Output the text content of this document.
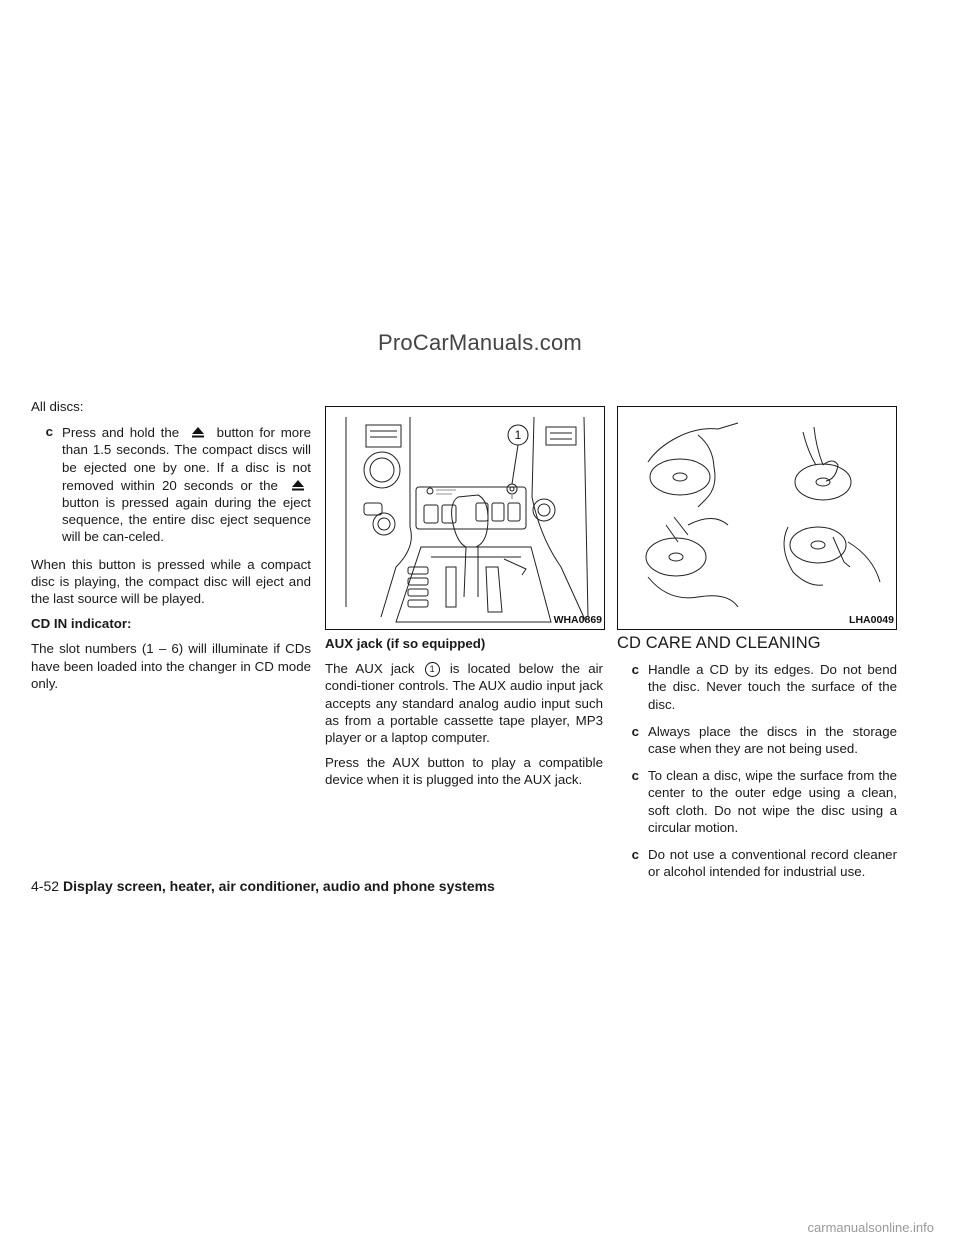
ProCarManuals.com

All discs:

c Press and hold the	button for more than 1.5 seconds. The compact discs will be ejected one by one. If a disc is not removed within 20 seconds or the  button is pressed again during the eject sequence, the entire disc eject sequence will be can-celed.

When this button is pressed while a compact disc is playing, the compact disc will eject and the last source will be played.

CD IN indicator:

The slot numbers (1 – 6) will illuminate if CDs have been loaded into the changer in CD mode only.

1
WHA0869
AUX jack (if so equipped)

The AUX jack 1 is located below the air condi-tioner controls. The AUX audio input jack accepts any standard analog audio input such as from a portable cassette tape player, MP3 player or a laptop computer.

Press the AUX button to play a compatible device when it is plugged into the AUX jack.

LHA0049
CD CARE AND CLEANING
c Handle a CD by its edges. Do not bend the disc. Never touch the surface of the disc.
c Always place the discs in the storage case when they are not being used.
c To clean a disc, wipe the surface from the center to the outer edge using a clean, soft cloth. Do not wipe the disc using a circular motion.
c Do not use a conventional record cleaner or alcohol intended for industrial use.
4-52 Display screen, heater, air conditioner, audio and phone systems
carmanualsonline.info
